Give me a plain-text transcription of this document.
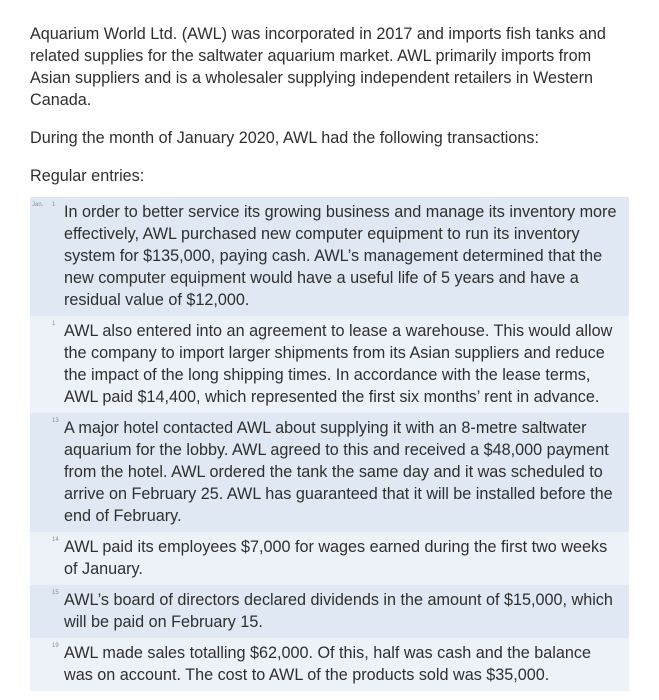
Aquarium World Ltd. (AWL) was incorporated in 2017 and imports fish tanks and related supplies for the saltwater aquarium market. AWL primarily imports from Asian suppliers and is a wholesaler supplying independent retailers in Western Canada.

During the month of January 2020, AWL had the following transactions:

Regular entries:

Jan. 1 In order to better service its growing business and manage its inventory more effectively, AWL purchased new computer equipment to run its inventory system for $135,000, paying cash. AWL’s management determined that the new computer equipment would have a useful life of 5 years and have a residual value of $12,000.
1 AWL also entered into an agreement to lease a warehouse. This would allow the company to import larger shipments from its Asian suppliers and reduce the impact of the long shipping times. In accordance with the lease terms, AWL paid $14,400, which represented the first six months’ rent in advance.
13 A major hotel contacted AWL about supplying it with an 8-metre saltwater aquarium for the lobby. AWL agreed to this and received a $48,000 payment from the hotel. AWL ordered the tank the same day and it was scheduled to arrive on February 25. AWL has guaranteed that it will be installed before the end of February.
14 AWL paid its employees $7,000 for wages earned during the first two weeks of January.
15 AWL’s board of directors declared dividends in the amount of $15,000, which will be paid on February 15.
19 AWL made sales totalling $62,000. Of this, half was cash and the balance was on account. The cost to AWL of the products sold was $35,000.
